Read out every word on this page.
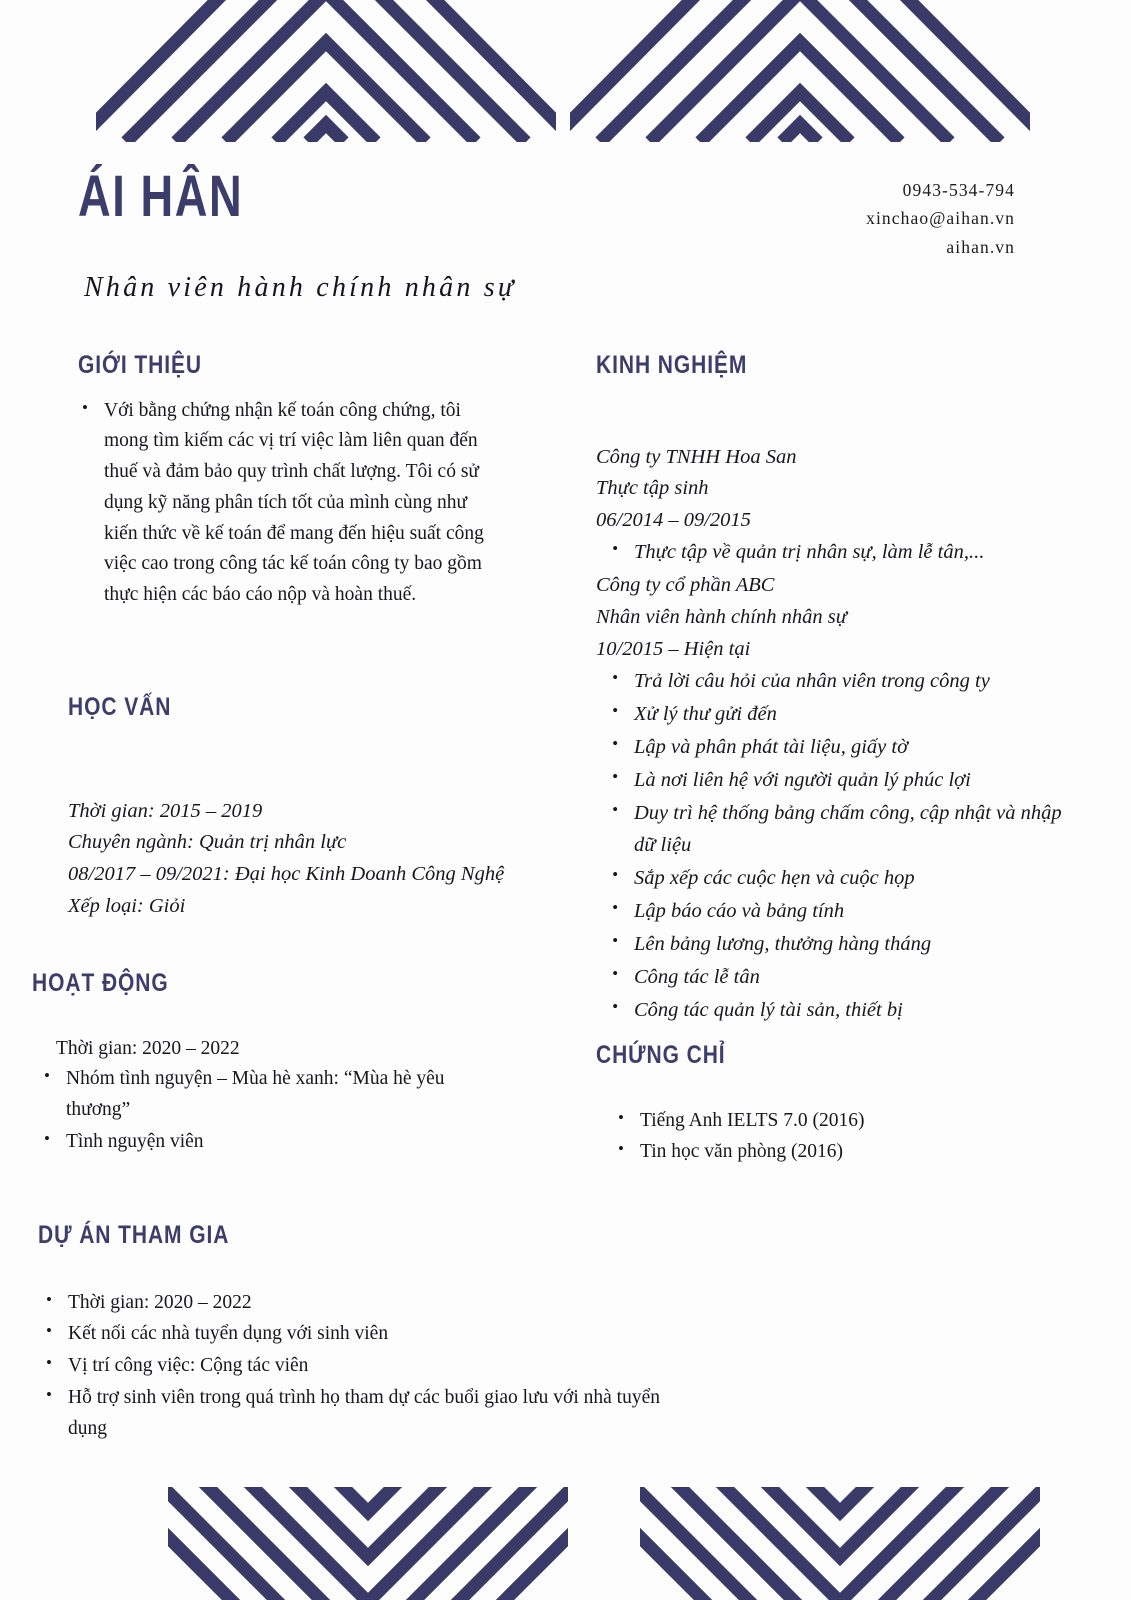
ÁI HÂN
Nhân viên hành chính nhân sự
0943-534-794
xinchao@aihan.vn
aihan.vn
GIỚI THIỆU
• Với bằng chứng nhận kế toán công chứng, tôi mong tìm kiếm các vị trí việc làm liên quan đến thuế và đảm bảo quy trình chất lượng. Tôi có sử dụng kỹ năng phân tích tốt của mình cùng như kiến thức về kế toán để mang đến hiệu suất công việc cao trong công tác kế toán công ty bao gồm thực hiện các báo cáo nộp và hoàn thuế.
HỌC VẤN
Thời gian: 2015 – 2019
Chuyên ngành: Quản trị nhân lực
08/2017 – 09/2021: Đại học Kinh Doanh Công Nghệ
Xếp loại: Giỏi
HOẠT ĐỘNG
Thời gian: 2020 – 2022
• Nhóm tình nguyện – Mùa hè xanh: “Mùa hè yêu thương”
• Tình nguyện viên
KINH NGHIỆM
Công ty TNHH Hoa San
Thực tập sinh
06/2014 – 09/2015
• Thực tập về quản trị nhân sự, làm lễ tân,...
Công ty cổ phần ABC
Nhân viên hành chính nhân sự
10/2015 – Hiện tại
• Trả lời câu hỏi của nhân viên trong công ty
• Xử lý thư gửi đến
• Lập và phân phát tài liệu, giấy tờ
• Là nơi liên hệ với người quản lý phúc lợi
• Duy trì hệ thống bảng chấm công, cập nhật và nhập dữ liệu
• Sắp xếp các cuộc hẹn và cuộc họp
• Lập báo cáo và bảng tính
• Lên bảng lương, thưởng hàng tháng
• Công tác lễ tân
• Công tác quản lý tài sản, thiết bị
CHỨNG CHỈ
• Tiếng Anh IELTS 7.0 (2016)
• Tin học văn phòng (2016)
DỰ ÁN THAM GIA
• Thời gian: 2020 – 2022
• Kết nối các nhà tuyển dụng với sinh viên
• Vị trí công việc: Cộng tác viên
• Hỗ trợ sinh viên trong quá trình họ tham dự các buổi giao lưu với nhà tuyển dụng
